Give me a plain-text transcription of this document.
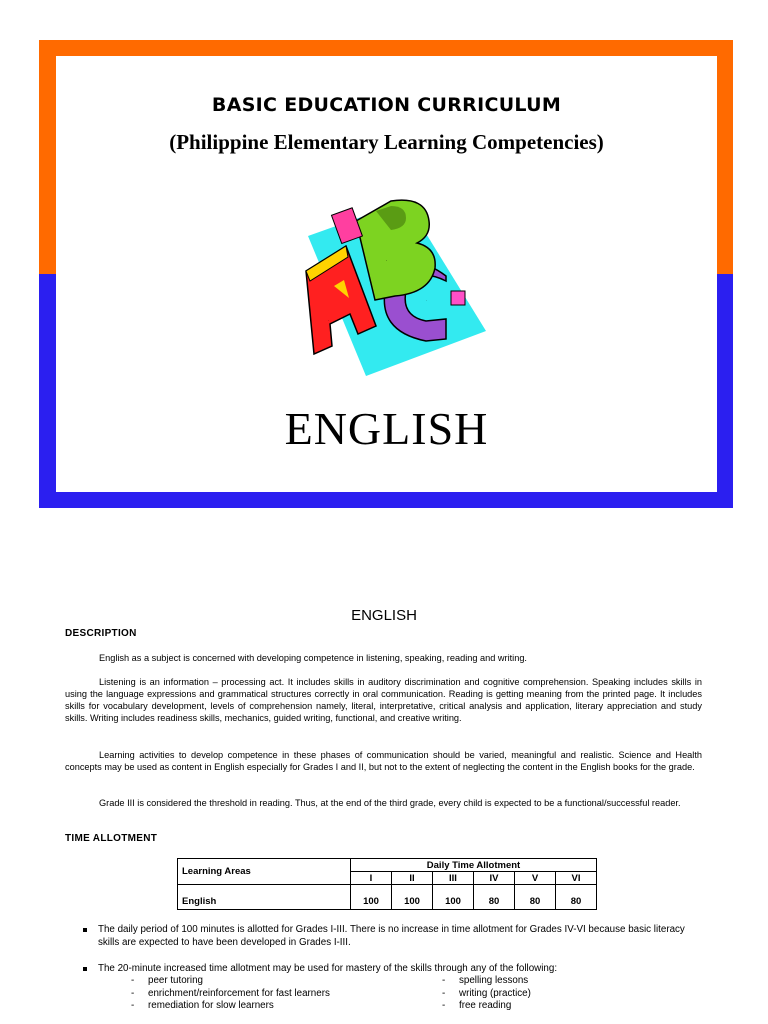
BASIC EDUCATION CURRICULUM
(Philippine Elementary Learning Competencies)
A
B
C
ENGLISH
ENGLISH
DESCRIPTION
English as a subject is concerned with developing competence in listening, speaking, reading and writing.
Listening is an information – processing act. It includes skills in auditory discrimination and cognitive comprehension. Speaking includes skills in using the language expressions and grammatical structures correctly in oral communication. Reading is getting meaning from the printed page. It includes skills for vocabulary development, levels of comprehension namely, literal, interpretative, critical analysis and application, literary appreciation and study skills. Writing includes readiness skills, mechanics, guided writing, functional, and creative writing.
Learning activities to develop competence in these phases of communication should be varied, meaningful and realistic. Science and Health concepts may be used as content in English especially for Grades I and II, but not to the extent of neglecting the content in the English books for the grade.
Grade III is considered the threshold in reading. Thus, at the end of the third grade, every child is expected to be a functional/successful reader.
TIME ALLOTMENT
Learning Areas	Daily Time Allotment					
	I	II	III	IV	V	VI
English	100	100	100	80	80	80
The daily period of 100 minutes is allotted for Grades I-III. There is no increase in time allotment for Grades IV-VI because basic literacy skills are expected to have been developed in Grades I-III.
The 20-minute increased time allotment may be used for mastery of the skills through any of the following:
- peer tutoring
- enrichment/reinforcement for fast learners
- remediation for slow learners
- spelling lessons
- writing (practice)
- free reading
